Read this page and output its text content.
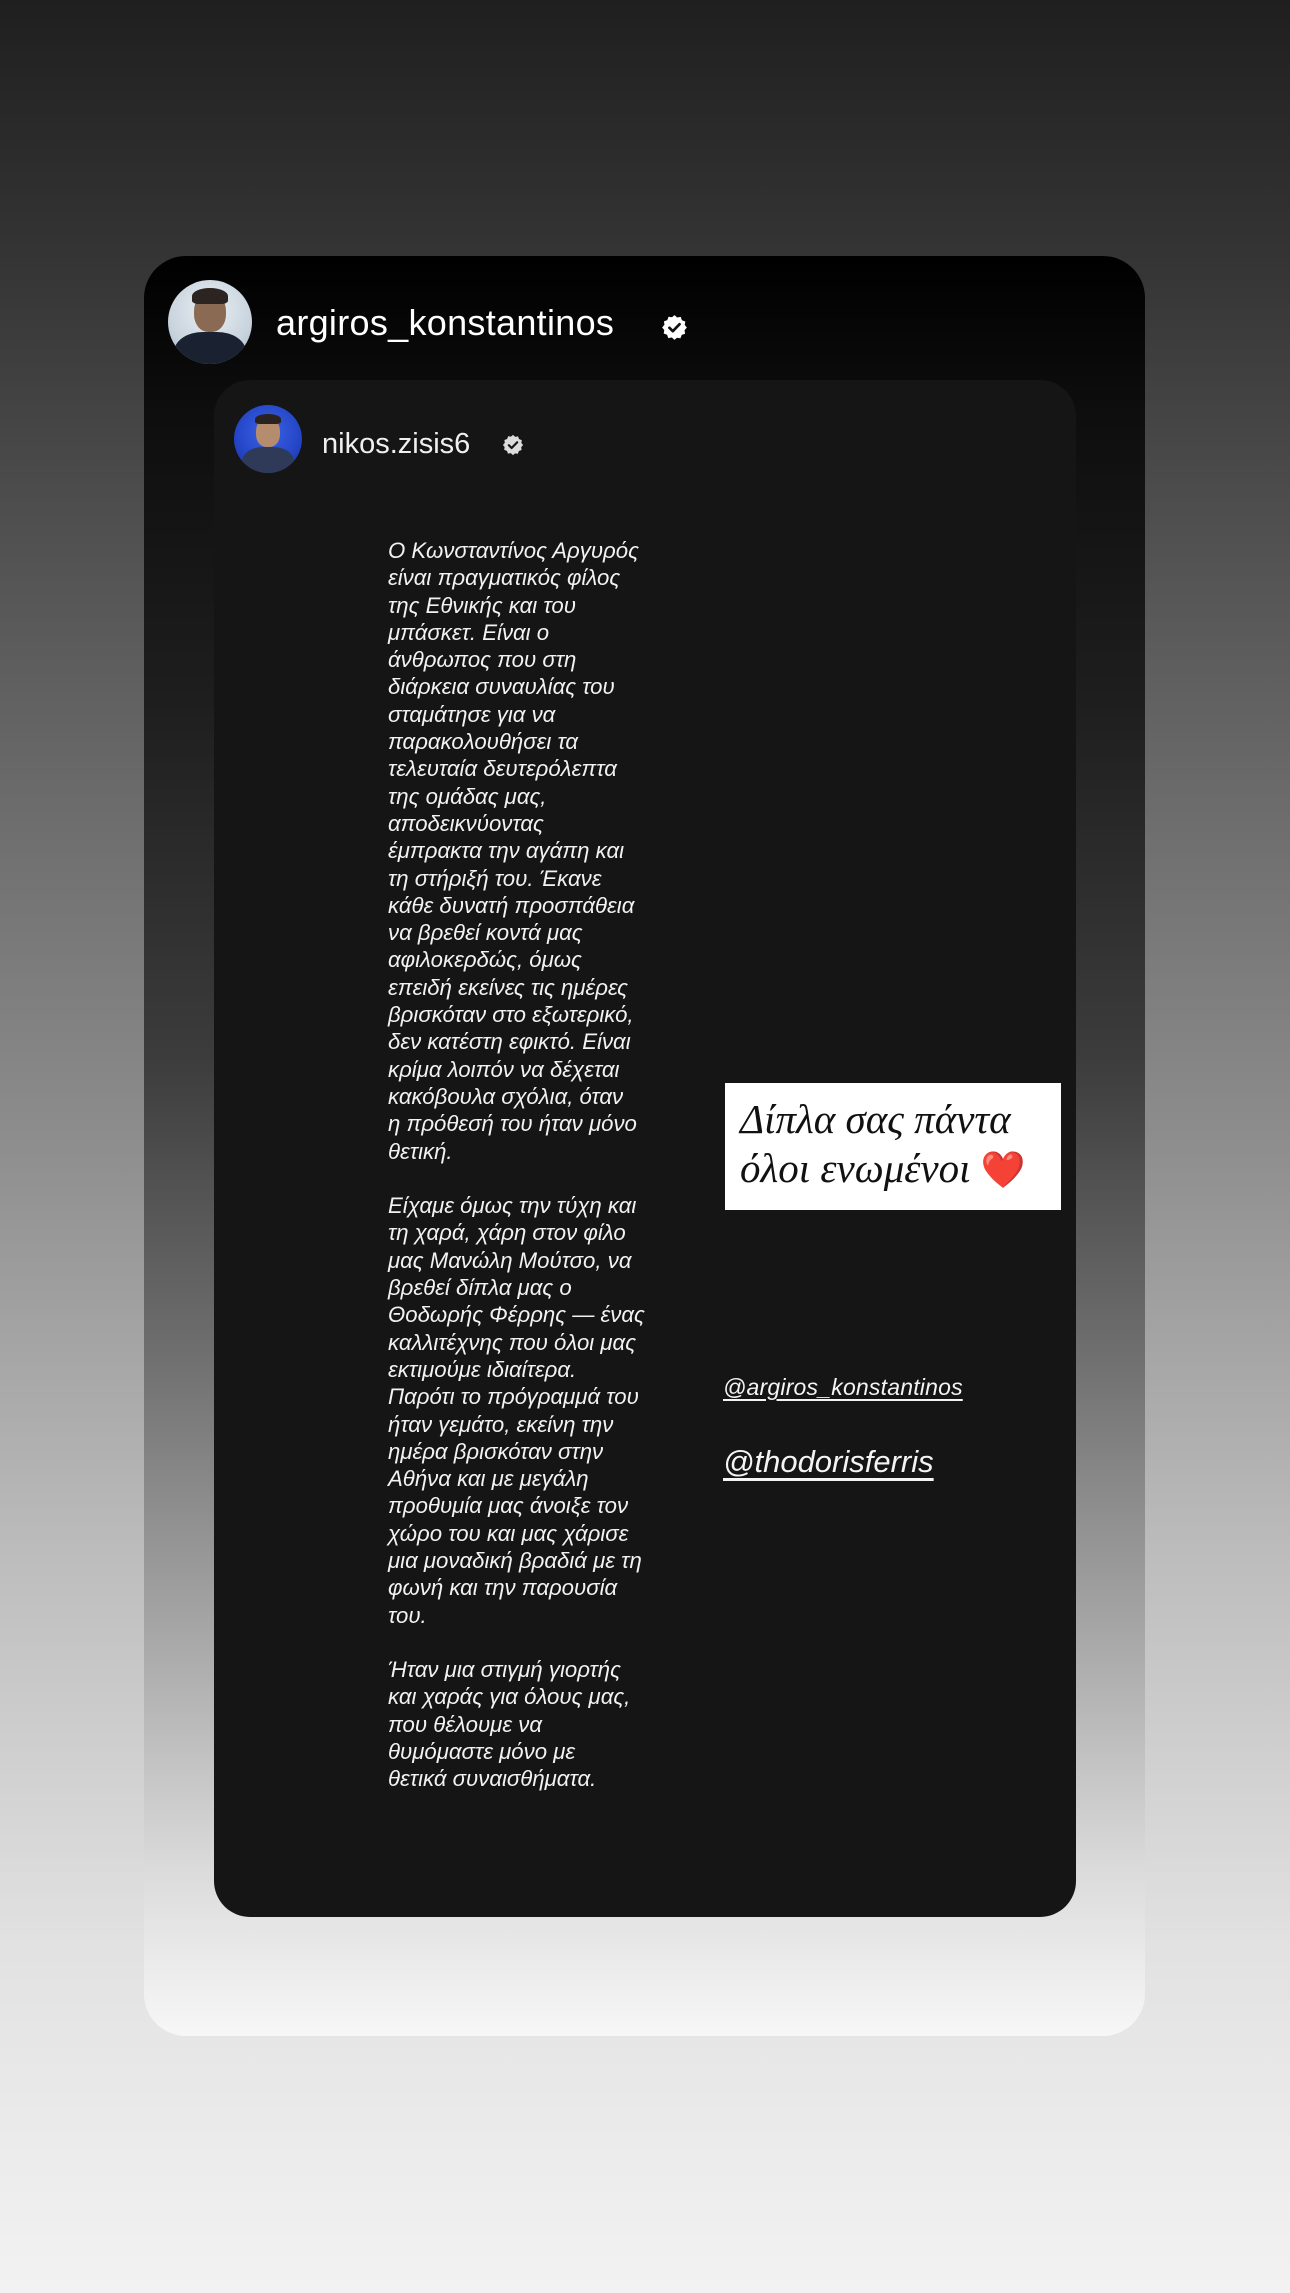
argiros_konstantinos
nikos.zisis6
Ο Κωνσταντίνος Αργυρός
είναι πραγματικός φίλος
της Εθνικής και του
μπάσκετ. Είναι ο
άνθρωπος που στη
διάρκεια συναυλίας του
σταμάτησε για να
παρακολουθήσει τα
τελευταία δευτερόλεπτα
της ομάδας μας,
αποδεικνύοντας
έμπρακτα την αγάπη και
τη στήριξή του. Έκανε
κάθε δυνατή προσπάθεια
να βρεθεί κοντά μας
αφιλοκερδώς, όμως
επειδή εκείνες τις ημέρες
βρισκόταν στο εξωτερικό,
δεν κατέστη εφικτό. Είναι
κρίμα λοιπόν να δέχεται
κακόβουλα σχόλια, όταν
η πρόθεσή του ήταν μόνο
θετική.

Είχαμε όμως την τύχη και
τη χαρά, χάρη στον φίλο
μας Μανώλη Μούτσο, να
βρεθεί δίπλα μας ο
Θοδωρής Φέρρης — ένας
καλλιτέχνης που όλοι μας
εκτιμούμε ιδιαίτερα.
Παρότι το πρόγραμμά του
ήταν γεμάτο, εκείνη την
ημέρα βρισκόταν στην
Αθήνα και με μεγάλη
προθυμία μας άνοιξε τον
χώρο του και μας χάρισε
μια μοναδική βραδιά με τη
φωνή και την παρουσία
του.

Ήταν μια στιγμή γιορτής
και χαράς για όλους μας,
που θέλουμε να
θυμόμαστε μόνο με
θετικά συναισθήματα.
Δίπλα σας πάντα
όλοι ενωμένοι ❤️
@argiros_konstantinos
@thodorisferris
